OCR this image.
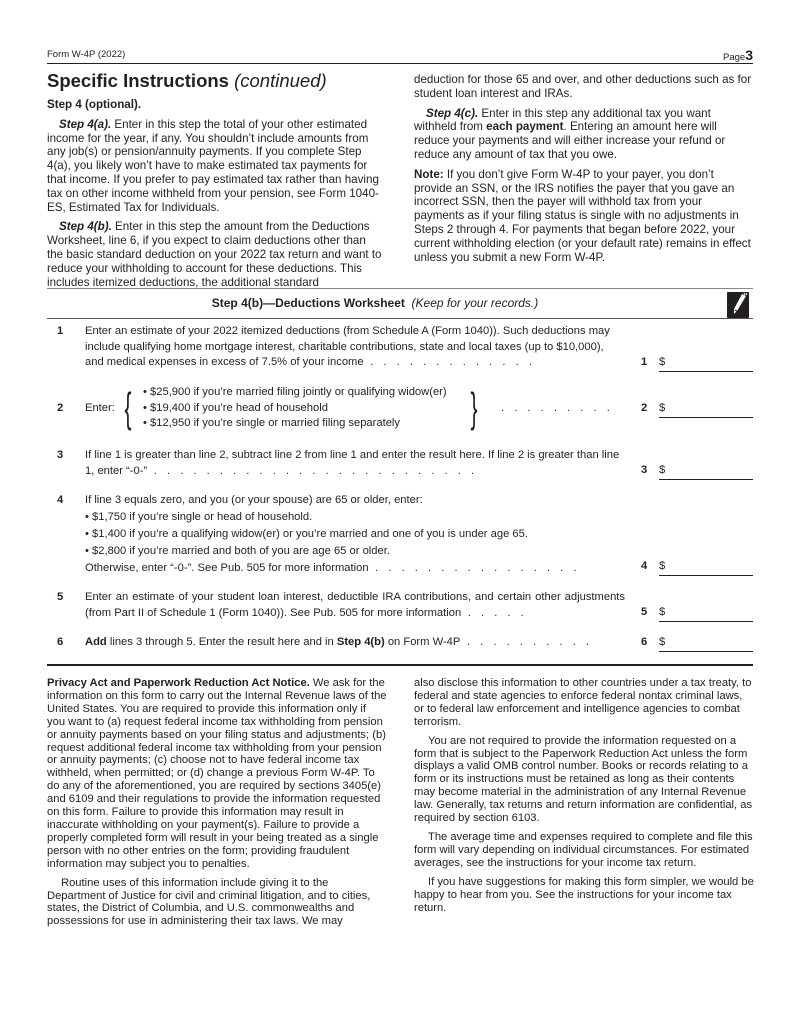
Form W-4P (2022)	Page3
Specific Instructions (continued)

Step 4 (optional).

Step 4(a). Enter in this step the total of your other estimated income for the year, if any. You shouldn’t include amounts from any job(s) or pension/annuity payments. If you complete Step 4(a), you likely won’t have to make estimated tax payments for that income. If you prefer to pay estimated tax rather than having tax on other income withheld from your pension, see Form 1040-ES, Estimated Tax for Individuals.

Step 4(b). Enter in this step the amount from the Deductions Worksheet, line 6, if you expect to claim deductions other than the basic standard deduction on your 2022 tax return and want to reduce your withholding to account for these deductions. This includes itemized deductions, the additional standard

deduction for those 65 and over, and other deductions such as for student loan interest and IRAs.

Step 4(c). Enter in this step any additional tax you want withheld from each payment. Entering an amount here will reduce your payments and will either increase your refund or reduce any amount of tax that you owe.

Note: If you don’t give Form W-4P to your payer, you don’t provide an SSN, or the IRS notifies the payer that you gave an incorrect SSN, then the payer will withhold tax from your payments as if your filing status is single with no adjustments in Steps 2 through 4. For payments that began before 2022, your current withholding election (or your default rate) remains in effect unless you submit a new Form W-4P.

Step 4(b)—Deductions Worksheet (Keep for your records.)
1 Enter an estimate of your 2022 itemized deductions (from Schedule A (Form 1040)). Such deductions may include qualifying home mortgage interest, charitable contributions, state and local taxes (up to $10,000), and medical expenses in excess of 7.5% of your income . . . . . . . . . . . . .	1 $
2 Enter: { • $25,900 if you’re married filing jointly or qualifying widow(er)
• $19,400 if you’re head of household
• $12,950 if you’re single or married filing separately	} . . . . . . . . . 2 $
3 If line 1 is greater than line 2, subtract line 2 from line 1 and enter the result here. If line 2 is greater than line 1, enter “-0-” . . . . . . . . . . . . . . . . . . . . . . . . .	3 $
4 If line 3 equals zero, and you (or your spouse) are 65 or older, enter:
• $1,750 if you’re single or head of household.
• $1,400 if you’re a qualifying widow(er) or you’re married and one of you is under age 65.
• $2,800 if you’re married and both of you are age 65 or older.
Otherwise, enter “-0-”. See Pub. 505 for more information . . . . . . . . . . . . . . . .	4 $
5 Enter an estimate of your student loan interest, deductible IRA contributions, and certain other adjustments (from Part II of Schedule 1 (Form 1040)). See Pub. 505 for more information . . . . .	5 $
6 Add lines 3 through 5. Enter the result here and in Step 4(b) on Form W-4P . . . . . . . . . .	6 $

Privacy Act and Paperwork Reduction Act Notice. We ask for the information on this form to carry out the Internal Revenue laws of the United States. You are required to provide this information only if you want to (a) request federal income tax withholding from pension or annuity payments based on your filing status and adjustments; (b) request additional federal income tax withholding from your pension or annuity payments; (c) choose not to have federal income tax withheld, when permitted; or (d) change a previous Form W-4P. To do any of the aforementioned, you are required by sections 3405(e) and 6109 and their regulations to provide the information requested on this form. Failure to provide this information may result in inaccurate withholding on your payment(s). Failure to provide a properly completed form will result in your being treated as a single person with no other entries on the form; providing fraudulent information may subject you to penalties.

Routine uses of this information include giving it to the Department of Justice for civil and criminal litigation, and to cities, states, the District of Columbia, and U.S. commonwealths and possessions for use in administering their tax laws. We may

also disclose this information to other countries under a tax treaty, to federal and state agencies to enforce federal nontax criminal laws, or to federal law enforcement and intelligence agencies to combat terrorism.

You are not required to provide the information requested on a form that is subject to the Paperwork Reduction Act unless the form displays a valid OMB control number. Books or records relating to a form or its instructions must be retained as long as their contents may become material in the administration of any Internal Revenue law. Generally, tax returns and return information are confidential, as required by section 6103.

The average time and expenses required to complete and file this form will vary depending on individual circumstances. For estimated averages, see the instructions for your income tax return.

If you have suggestions for making this form simpler, we would be happy to hear from you. See the instructions for your income tax return.
